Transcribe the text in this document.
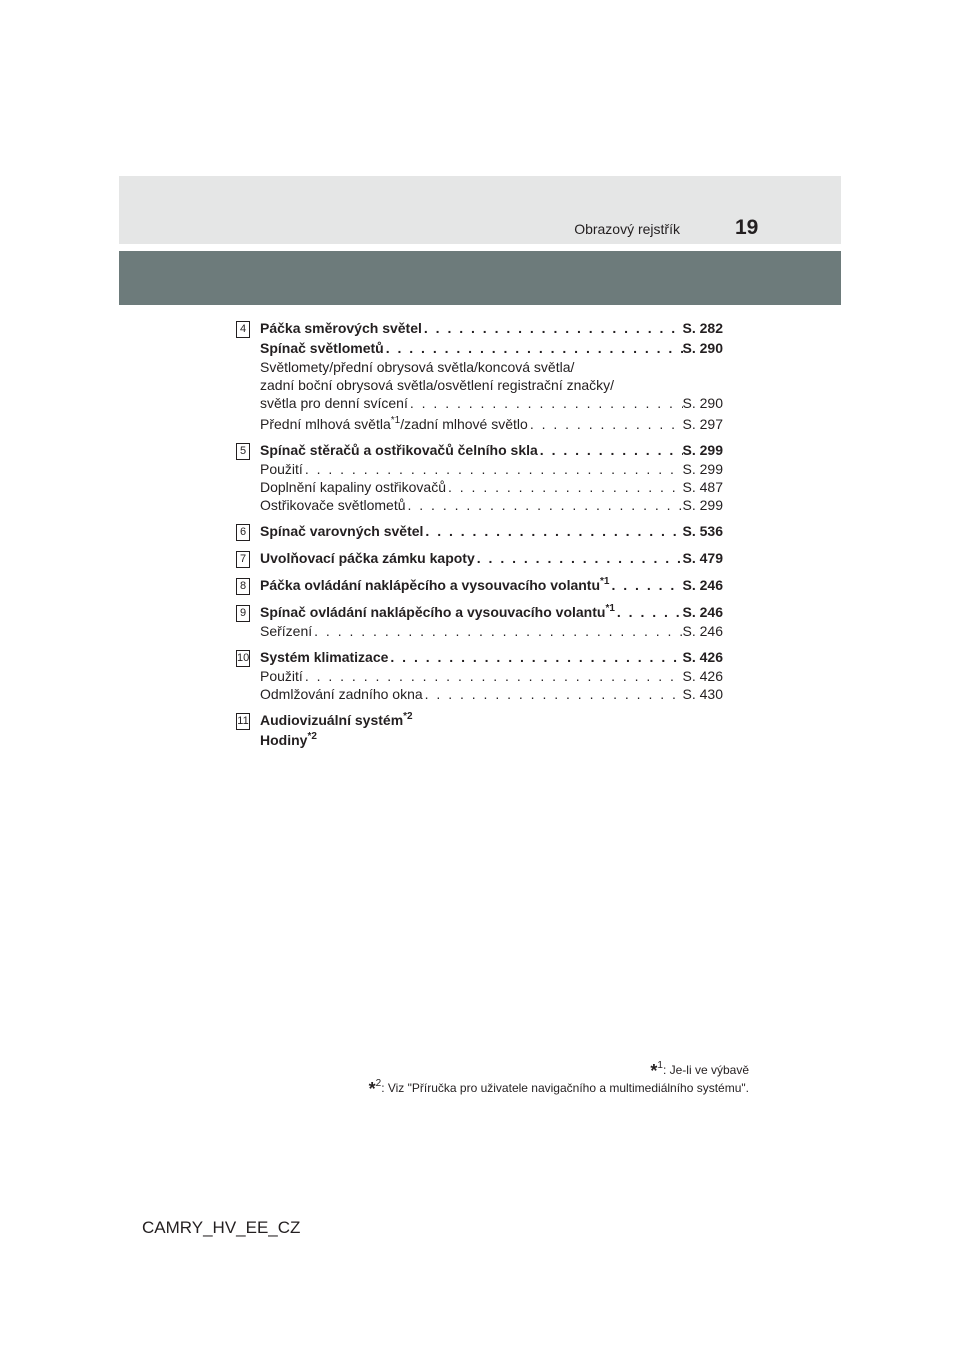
Obrazový rejstřík	19
4 Páčka směrových světel . . .	S. 282
Spínač světlometů . . .	S. 290
Světlomety/přední obrysová světla/koncová světla/
zadní boční obrysová světla/osvětlení registrační značky/
světla pro denní svícení . . .	S. 290
Přední mlhová světla$^{*1}$/zadní mlhové světlo . . .	S. 297
5 Spínač stěračů a ostřikovačů čelního skla . . .	S. 299
Použití . . .	S. 299
Doplnění kapaliny ostřikovačů . . .	S. 487
Ostřikovače světlometů . . .	S. 299
6 Spínač varovných světel . . .	S. 536
7 Uvolňovací páčka zámku kapoty . . .	S. 479
8 Páčka ovládání naklápěcího a vysouvacího volantu$^{*1}$ . . .	S. 246
9 Spínač ovládání naklápěcího a vysouvacího volantu$^{*1}$ . . .	S. 246
Seřízení . . .	S. 246
10 Systém klimatizace . . .	S. 426
Použití . . .	S. 426
Odmlžování zadního okna . . .	S. 430
11 Audiovizuální systém$^{*2}$
Hodiny$^{*2}$
*$^1$: Je-li ve výbavě
*$^2$: Viz "Příručka pro uživatele navigačního a multimediálního systému".
CAMRY_HV_EE_CZ
